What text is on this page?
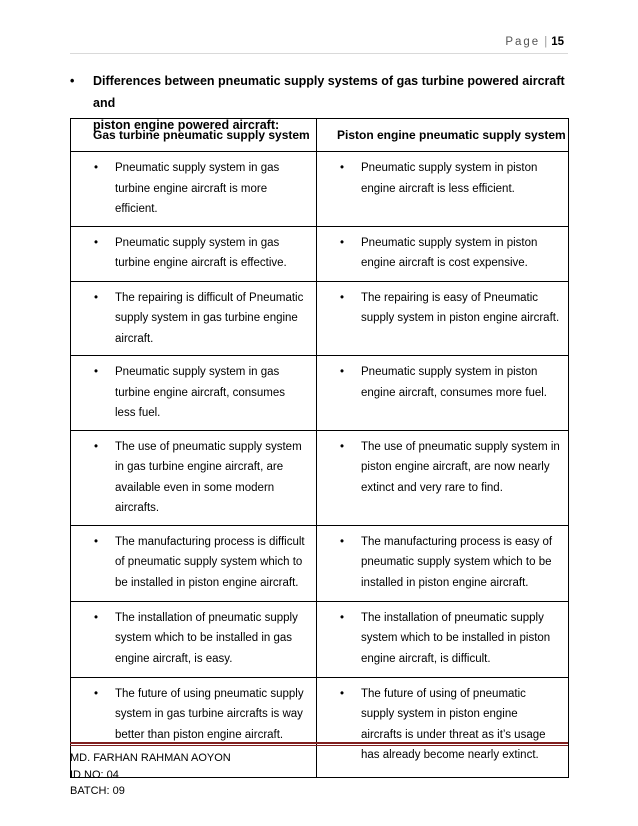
Page | 15
• Differences between pneumatic supply systems of gas turbine powered aircraft and
piston engine powered aircraft:
Gas turbine pneumatic supply system	Piston engine pneumatic supply system

• Pneumatic supply system in gas turbine engine aircraft is more efficient.	• Pneumatic supply system in piston engine aircraft is less efficient.

• Pneumatic supply system in gas turbine engine aircraft is effective.	• Pneumatic supply system in piston engine aircraft is cost expensive.

• The repairing is difficult of Pneumatic supply system in gas turbine engine aircraft.	• The repairing is easy of Pneumatic supply system in piston engine aircraft.

• Pneumatic supply system in gas turbine engine aircraft, consumes less fuel.	• Pneumatic supply system in piston engine aircraft, consumes more fuel.

• The use of pneumatic supply system in gas turbine engine aircraft, are available even in some modern aircrafts.	• The use of pneumatic supply system in piston engine aircraft, are now nearly extinct and very rare to find.

• The manufacturing process is difficult of pneumatic supply system which to be installed in piston engine aircraft.	• The manufacturing process is easy of pneumatic supply system which to be installed in piston engine aircraft.

• The installation of pneumatic supply system which to be installed in gas engine aircraft, is easy.	• The installation of pneumatic supply system which to be installed in piston engine aircraft, is difficult.

• The future of using pneumatic supply system in gas turbine aircrafts is way better than piston engine aircraft.	• The future of using of pneumatic supply system in piston engine aircrafts is under threat as it’s usage has already become nearly extinct.
MD. FARHAN RAHMAN AOYON
ID NO: 04
BATCH: 09
